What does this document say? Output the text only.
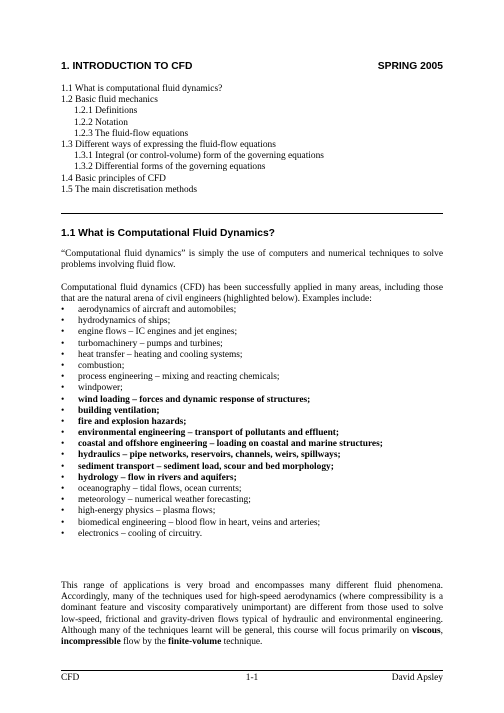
1. INTRODUCTION TO CFD	SPRING 2005
1.1 What is computational fluid dynamics?
1.2 Basic fluid mechanics
1.2.1 Definitions
1.2.2 Notation
1.2.3 The fluid-flow equations
1.3 Different ways of expressing the fluid-flow equations
1.3.1 Integral (or control-volume) form of the governing equations
1.3.2 Differential forms of the governing equations
1.4 Basic principles of CFD
1.5 The main discretisation methods
1.1 What is Computational Fluid Dynamics?
“Computational fluid dynamics” is simply the use of computers and numerical techniques to solve problems involving fluid flow.
Computational fluid dynamics (CFD) has been successfully applied in many areas, including those that are the natural arena of civil engineers (highlighted below). Examples include:
• aerodynamics of aircraft and automobiles;
• hydrodynamics of ships;
• engine flows – IC engines and jet engines;
• turbomachinery – pumps and turbines;
• heat transfer – heating and cooling systems;
• combustion;
• process engineering – mixing and reacting chemicals;
• windpower;
• wind loading – forces and dynamic response of structures;
• building ventilation;
• fire and explosion hazards;
• environmental engineering – transport of pollutants and effluent;
• coastal and offshore engineering – loading on coastal and marine structures;
• hydraulics – pipe networks, reservoirs, channels, weirs, spillways;
• sediment transport – sediment load, scour and bed morphology;
• hydrology – flow in rivers and aquifers;
• oceanography – tidal flows, ocean currents;
• meteorology – numerical weather forecasting;
• high-energy physics – plasma flows;
• biomedical engineering – blood flow in heart, veins and arteries;
• electronics – cooling of circuitry.
This range of applications is very broad and encompasses many different fluid phenomena. Accordingly, many of the techniques used for high-speed aerodynamics (where compressibility is a dominant feature and viscosity comparatively unimportant) are different from those used to solve low-speed, frictional and gravity-driven flows typical of hydraulic and environmental engineering. Although many of the techniques learnt will be general, this course will focus primarily on viscous, incompressible flow by the finite-volume technique.
CFD	1-1	David Apsley
